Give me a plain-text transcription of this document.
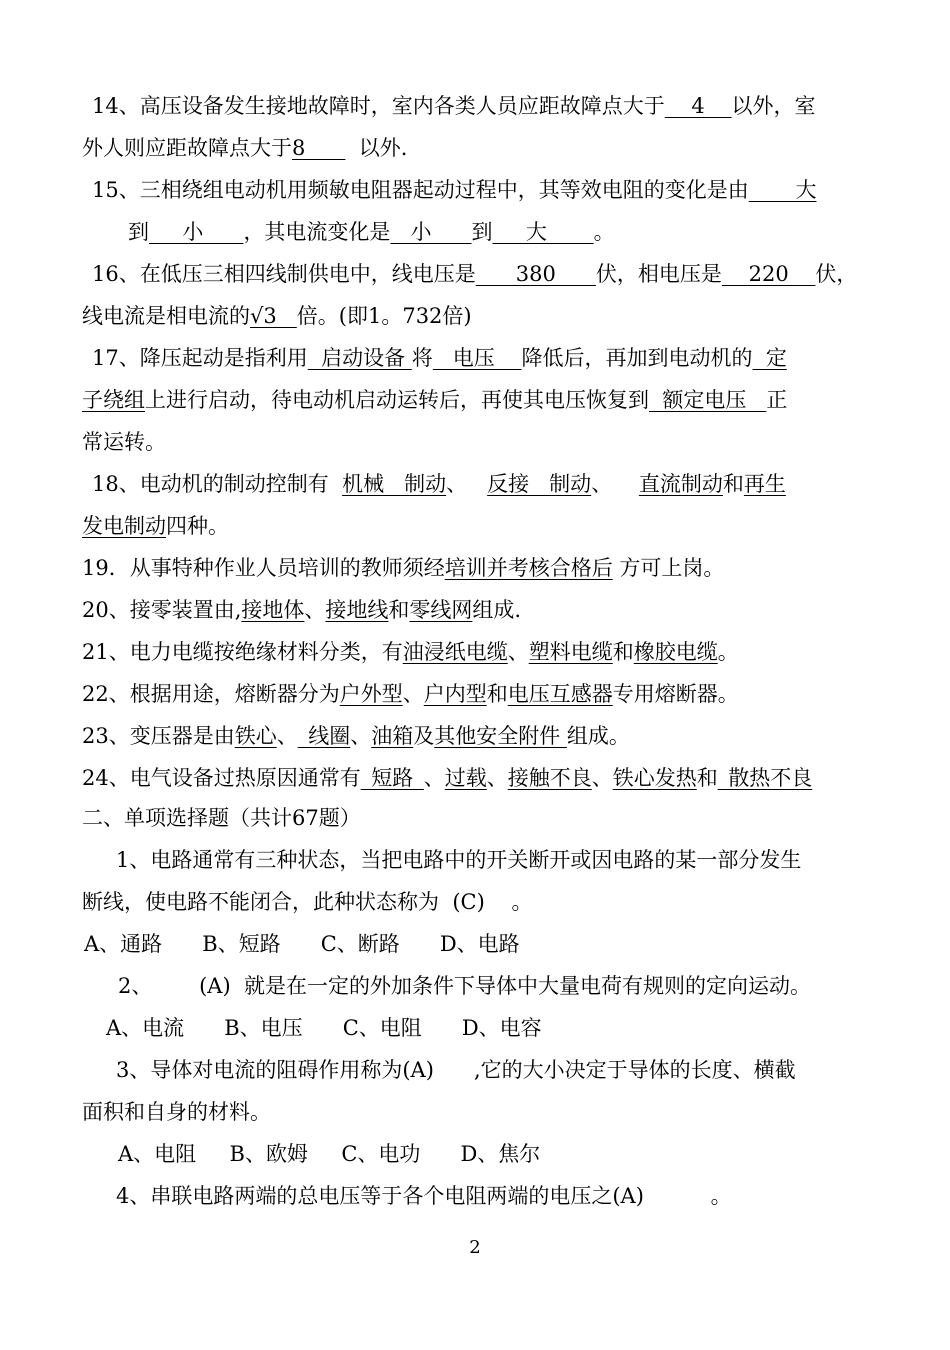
14、高压设备发生接地故障时，室内各类人员应距故障点大于    4    以外，室
外人则应距故障点大于8        以外.
15、三相绕组电动机用频敏电阻器起动过程中，其等效电阻的变化是由       大
到     小      ，其电流变化是   小      到     大       。
16、在低压三相四线制供电中，线电压是      380      伏，相电压是    220    伏，
线电流是相电流的√3   倍。(即1。732倍)
17、降压起动是指利用  启动设备 将   电压    降低后，再加到电动机的  定
子绕组上进行启动，待电动机启动运转后，再使其电压恢复到  额定电压   正
常运转。
18、电动机的制动控制有  机械   制动、   反接   制动、    直流制动和再生
发电制动四种。
19．从事特种作业人员培训的教师须经培训并考核合格后 方可上岗。
20、接零装置由,接地体、接地线和零线网组成.
21、电力电缆按绝缘材料分类，有油浸纸电缆、塑料电缆和橡胶电缆。
22、根据用途，熔断器分为户外型、户内型和电压互感器专用熔断器。
23、变压器是由铁心、_线圈、油箱及其他安全附件 组成。
24、电气设备过热原因通常有_短路_、过载、接触不良、铁心发热和_散热不良
二、单项选择题（共计67题）
1、电路通常有三种状态，当把电路中的开关断开或因电路的某一部分发生
断线，使电路不能闭合，此种状态称为  (C)    。
A、通路      B、短路      C、断路      D、电路
2、       (A)  就是在一定的外加条件下导体中大量电荷有规则的定向运动。
A、电流      B、电压      C、电阻      D、电容
3、导体对电流的阻碍作用称为(A)      ,它的大小决定于导体的长度、横截
面积和自身的材料。
A、电阻     B、欧姆     C、电功      D、焦尔
4、串联电路两端的总电压等于各个电阻两端的电压之(A)          。
2
